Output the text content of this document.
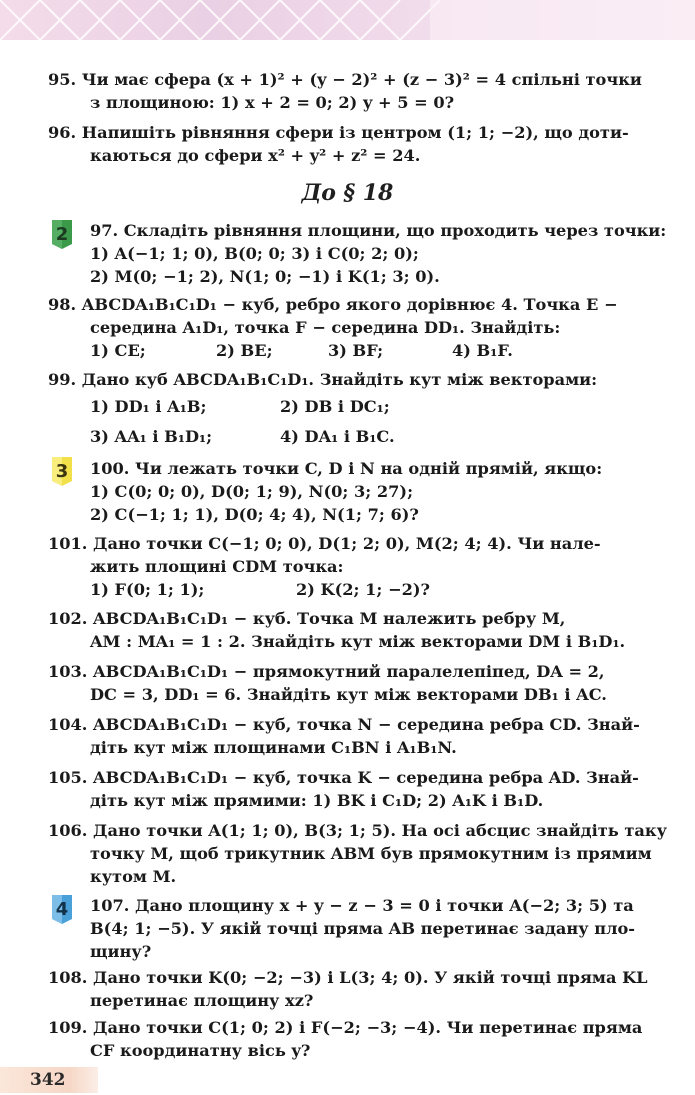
95. Чи має сфера (x + 1)² + (y − 2)² + (z − 3)² = 4 спільні точки
з площиною: 1) x + 2 = 0; 2) y + 5 = 0?
96. Напишіть рівняння сфери із центром (1; 1; −2), що доти-
каються до сфери x² + y² + z² = 24.
До § 18
2	97. Складіть рівняння площини, що проходить через точки:
1) A(−1; 1; 0), B(0; 0; 3) і C(0; 2; 0);
2) M(0; −1; 2), N(1; 0; −1) і K(1; 3; 0).
98. ABCDA₁B₁C₁D₁ − куб, ребро якого дорівнює 4. Точка E −
середина A₁D₁, точка F − середина DD₁. Знайдіть:
1) CE;	2) BE;	3) BF;	4) B₁F.
99. Дано куб ABCDA₁B₁C₁D₁. Знайдіть кут між векторами:
1) DD₁ і A₁B;	2) DB і DC₁;
3) AA₁ і B₁D₁;	4) DA₁ і B₁C.
3	100. Чи лежать точки C, D і N на одній прямій, якщо:
1) C(0; 0; 0), D(0; 1; 9), N(0; 3; 27);
2) C(−1; 1; 1), D(0; 4; 4), N(1; 7; 6)?
101. Дано точки C(−1; 0; 0), D(1; 2; 0), M(2; 4; 4). Чи нале-
жить площині CDM точка:
1) F(0; 1; 1);	2) K(2; 1; −2)?
102. ABCDA₁B₁C₁D₁ − куб. Точка M належить ребру M,
AM : MA₁ = 1 : 2. Знайдіть кут між векторами DM і B₁D₁.
103. ABCDA₁B₁C₁D₁ − прямокутний паралелепіпед, DA = 2,
DC = 3, DD₁ = 6. Знайдіть кут між векторами DB₁ і AC.
104. ABCDA₁B₁C₁D₁ − куб, точка N − середина ребра CD. Знай-
діть кут між площинами C₁BN і A₁B₁N.
105. ABCDA₁B₁C₁D₁ − куб, точка K − середина ребра AD. Знай-
діть кут між прямими: 1) BK і C₁D; 2) A₁K і B₁D.
106. Дано точки A(1; 1; 0), B(3; 1; 5). На осі абсцис знайдіть таку
точку M, щоб трикутник ABM був прямокутним із прямим
кутом M.
4	107. Дано площину x + y − z − 3 = 0 і точки A(−2; 3; 5) та
B(4; 1; −5). У якій точці пряма AB перетинає задану пло-
щину?
108. Дано точки K(0; −2; −3) і L(3; 4; 0). У якій точці пряма KL
перетинає площину xz?
109. Дано точки C(1; 0; 2) і F(−2; −3; −4). Чи перетинає пряма
CF координатну вісь y?
342
